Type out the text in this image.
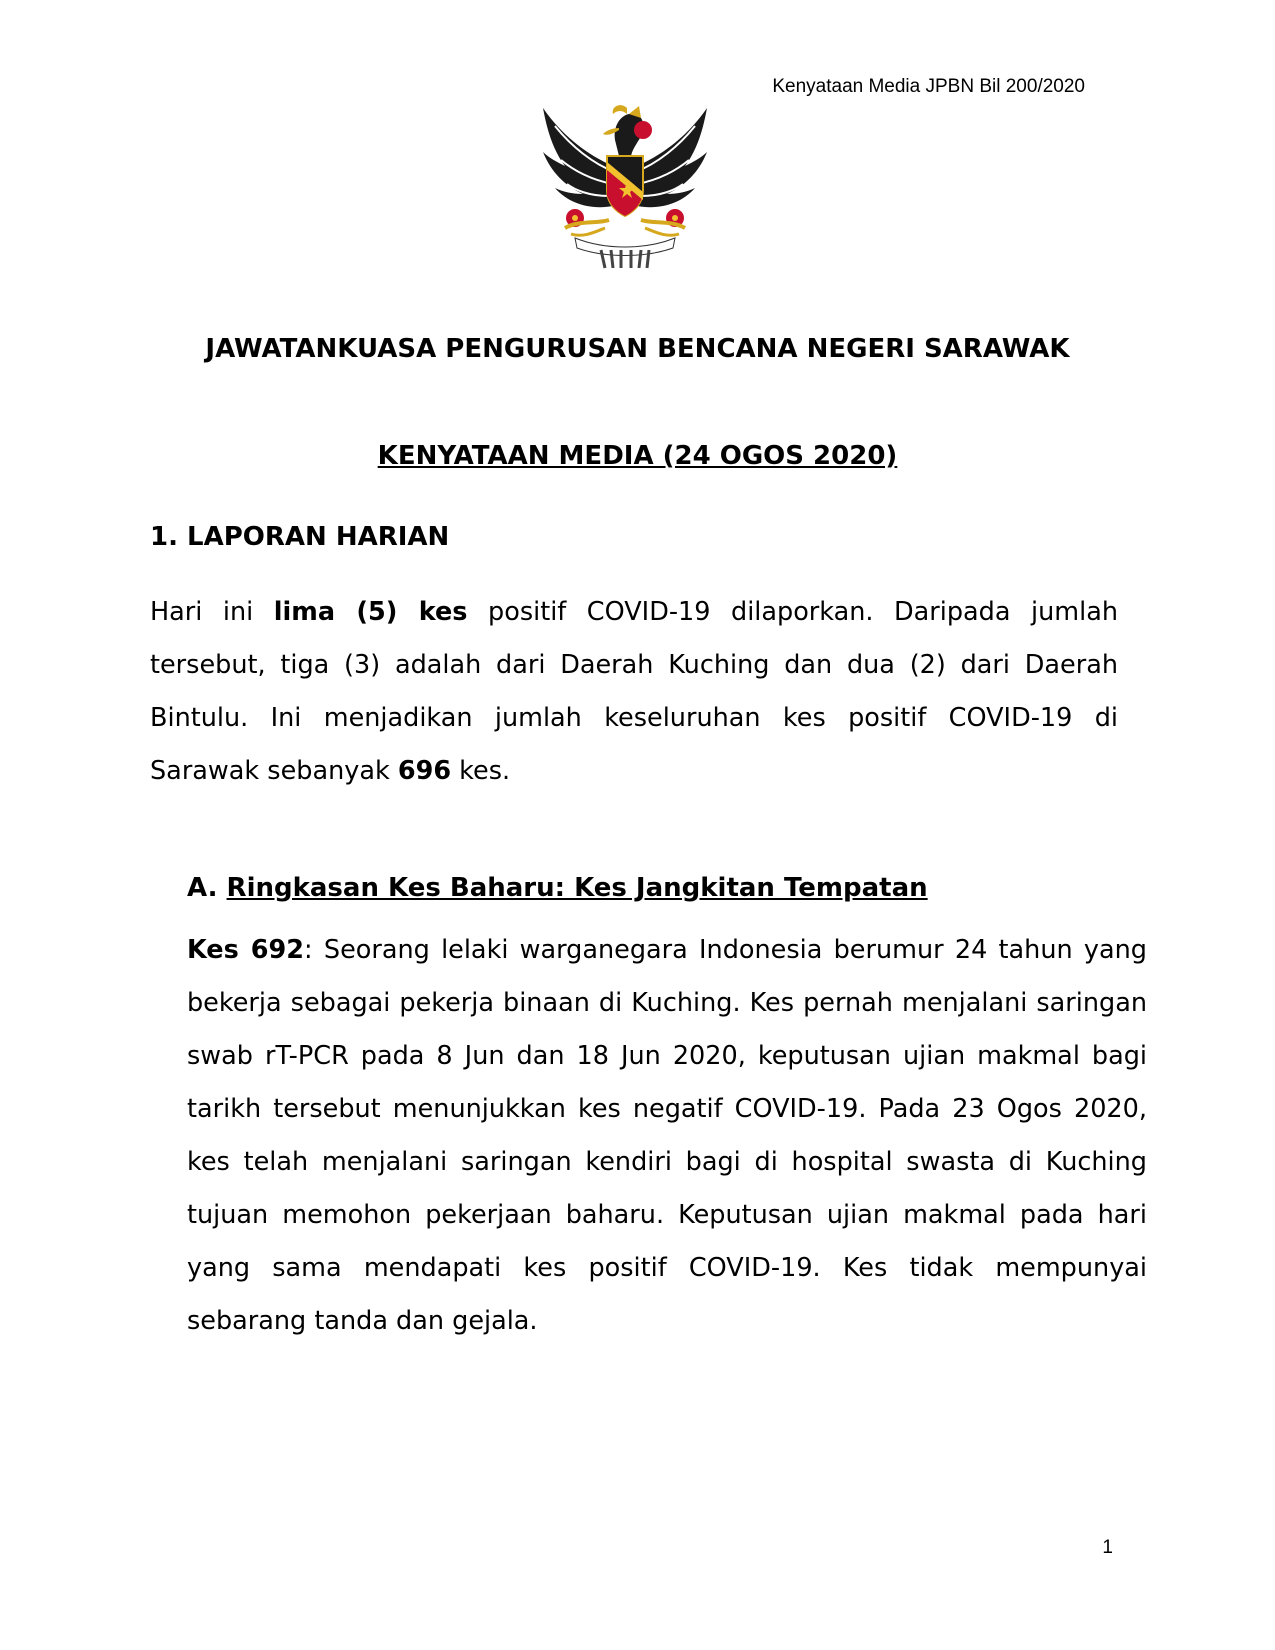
Kenyataan Media JPBN Bil 200/2020
JAWATANKUASA PENGURUSAN BENCANA NEGERI SARAWAK
KENYATAAN MEDIA (24 OGOS 2020)
1. LAPORAN HARIAN
Hari ini lima (5) kes positif COVID-19 dilaporkan. Daripada jumlah tersebut, tiga (3) adalah dari Daerah Kuching dan dua (2) dari Daerah Bintulu. Ini menjadikan jumlah keseluruhan kes positif COVID-19 di Sarawak sebanyak 696 kes.
A. Ringkasan Kes Baharu: Kes Jangkitan Tempatan
Kes 692: Seorang lelaki warganegara Indonesia berumur 24 tahun yang bekerja sebagai pekerja binaan di Kuching. Kes pernah menjalani saringan swab rT-PCR pada 8 Jun dan 18 Jun 2020, keputusan ujian makmal bagi tarikh tersebut menunjukkan kes negatif COVID-19. Pada 23 Ogos 2020, kes telah menjalani saringan kendiri bagi di hospital swasta di Kuching tujuan memohon pekerjaan baharu. Keputusan ujian makmal pada hari yang sama mendapati kes positif COVID-19. Kes tidak mempunyai sebarang tanda dan gejala.
1
